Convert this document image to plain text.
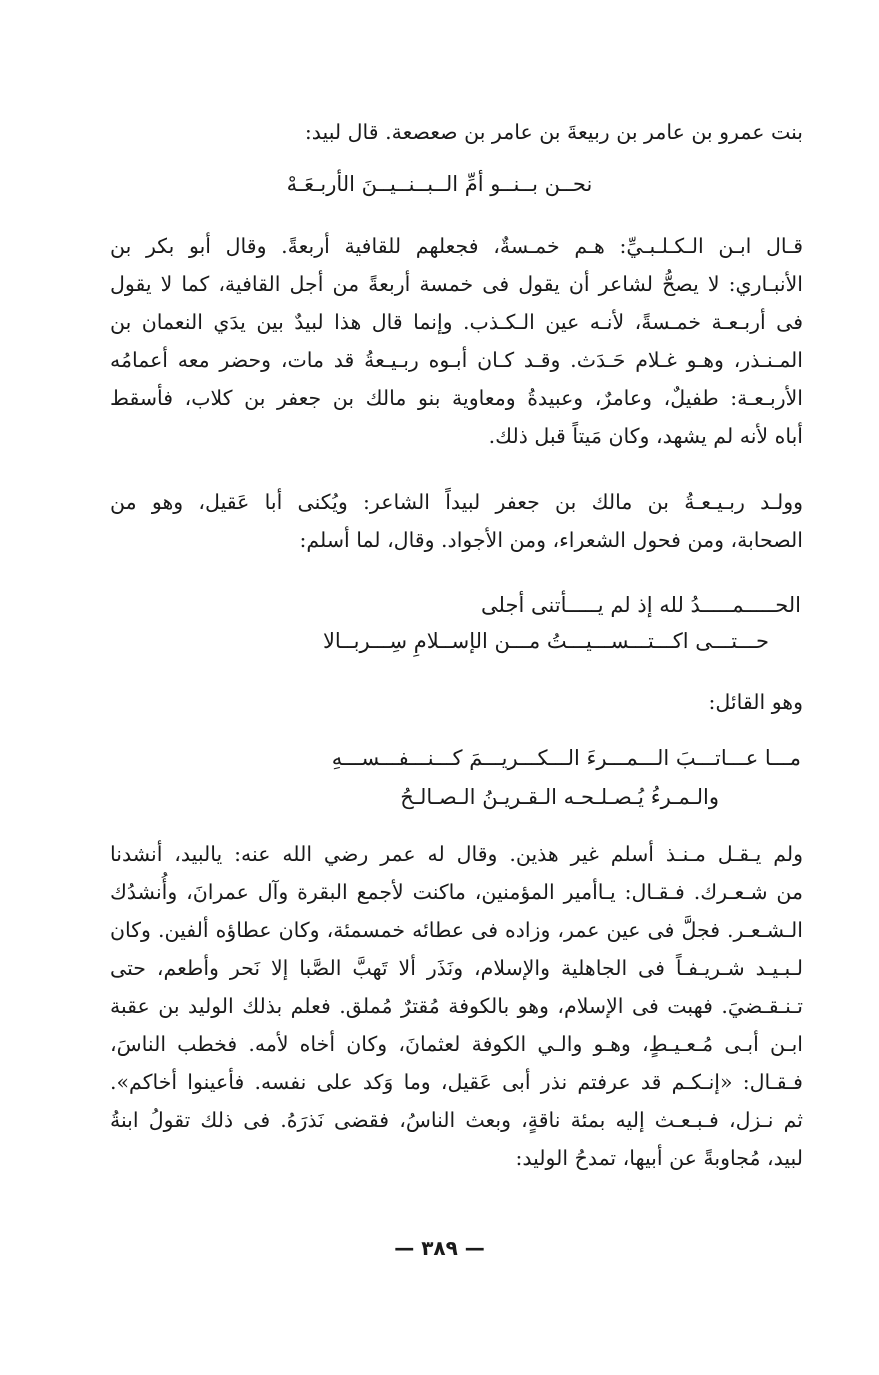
بنت عمرو بن عامر بن ربيعةَ بن عامر بن صعصعة. قال لبيد:
نحــن بــنــو أمِّ الــبــنــيــنَ الأربـعَـهْ
قـال ابـن الـكـلـبـيِّ: هـم خمـسةٌ، فجعلهم للقافية أربعةً. وقال أبو بكر بن
الأنبـاري: لا يصحُّ لشاعر أن يقول فى خمسة أربعةً من أجل القافية، كما لا يقول
فى أربـعـة خمـسةً، لأنـه عين الـكـذب. وإنما قال هذا لبيدٌ بين يدَي النعمان بن
المـنـذر، وهـو غـلام حَـدَث. وقـد كـان أبـوه ربـيـعةُ قد مات، وحضر معه أعمامُه
الأربـعـة: طفيلٌ، وعامرٌ، وعبيدةُ ومعاوية بنو مالك بن جعفر بن كلاب، فأسقط
أباه لأنه لم يشهد، وكان مَيتاً قبل ذلك.
وولـد ربـيـعـةُ بن مالك بن جعفر لبيداً الشاعر: ويُكنى أبا عَقيل، وهو من
الصحابة، ومن فحول الشعراء، ومن الأجواد. وقال، لما أسلم:
الحـــــمـــــدُ لله إذ لم يـــــأتنى أجلى
حـــتـــى اكـــتـــســـيـــتُ مـــن الإســلامِ سِـــربــالا
وهو القائل:
مـــا عـــاتـــبَ الـــمـــرءَ الـــكـــريـــمَ كـــنـــفـــســـهِ
والـمـرءُ يُـصـلـحـه الـقـريـنُ الـصـالـحُ
ولم يـقـل مـنـذ أسلم غير هذين. وقال له عمر رضي الله عنه: يالبيد، أنشدنا
من شـعـرك. فـقـال: يـاأمير المؤمنين، ماكنت لأجمع البقرة وآل عمرانَ، وأُنشدُك
الـشـعـر. فجلَّ فى عين عمر، وزاده فى عطائه خمسمئة، وكان عطاؤه ألفين. وكان
لـبـيـد شـريـفـاً فى الجاهلية والإسلام، ونَذَر ألا تَهبَّ الصَّبا إلا نَحر وأطعم، حتى
تـنـقـضيَ. فهبت فى الإسلام، وهو بالكوفة مُقترٌ مُملق. فعلم بذلك الوليد بن عقبة
ابـن أبـى مُـعـيـطٍ، وهـو والـي الكوفة لعثمانَ، وكان أخاه لأمه. فخطب الناسَ،
فـقـال: «إنـكـم قد عرفتم نذر أبى عَقيل، وما وَكد على نفسه. فأعينوا أخاكم».
ثم نـزل، فـبـعـث إليه بمئة ناقةٍ، وبعث الناسُ، فقضى نَذرَهُ. فى ذلك تقولُ ابنةُ
لبيد، مُجاوبةً عن أبيها، تمدحُ الوليد:
— ٣٨٩ —
